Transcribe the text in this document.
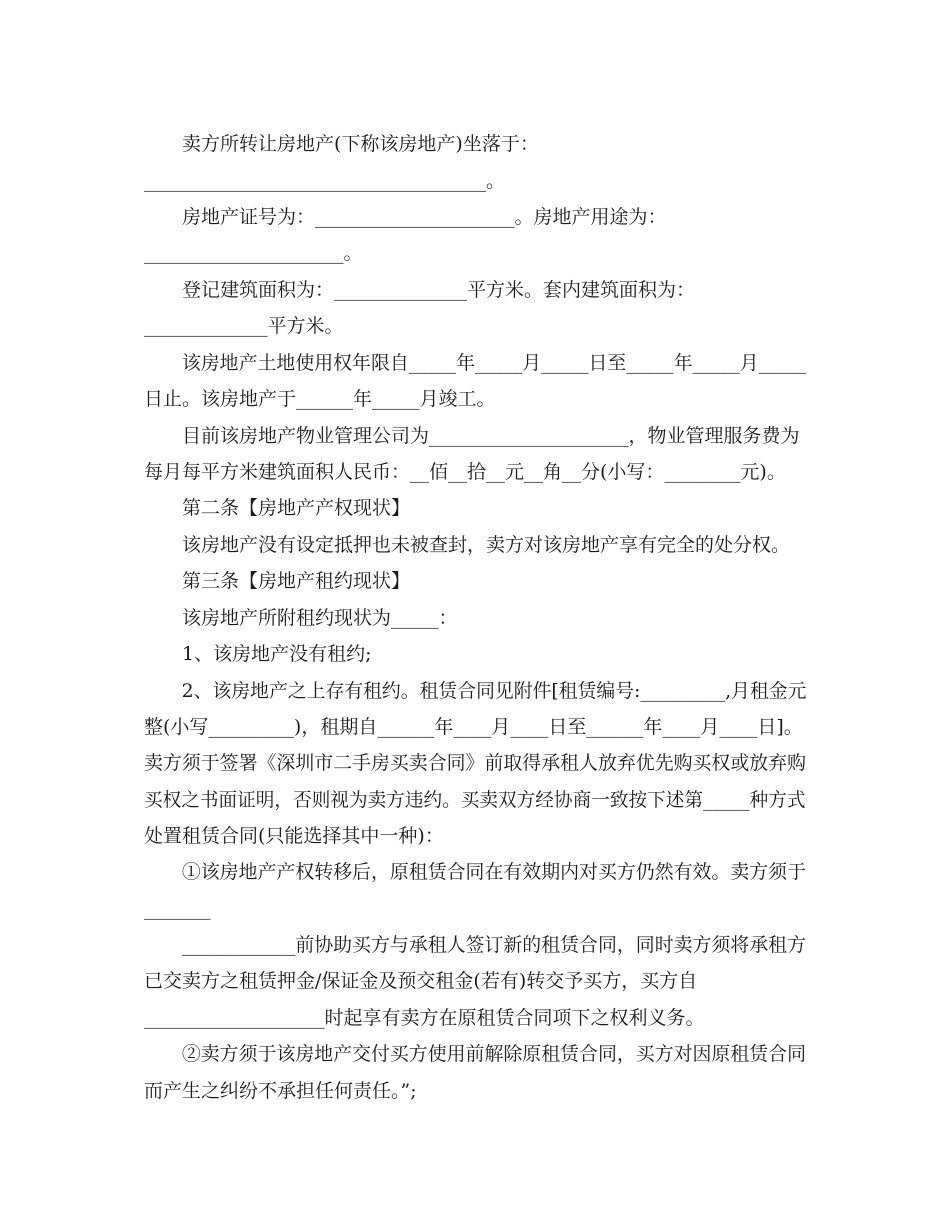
　　卖方所转让房地产(下称该房地产)坐落于：
____________________________________。
　　房地产证号为：_____________________。房地产用途为：
_____________________。
　　登记建筑面积为：______________平方米。套内建筑面积为：
_____________平方米。
　　该房地产土地使用权年限自_____年_____月_____日至_____年_____月_____
日止。该房地产于______年_____月竣工。
　　目前该房地产物业管理公司为_____________________，物业管理服务费为
每月每平方米建筑面积人民币：__佰__拾__元__角__分(小写：________元)。
　　第二条【房地产产权现状】
　　该房地产没有设定抵押也未被查封，卖方对该房地产享有完全的处分权。
　　第三条【房地产租约现状】
　　该房地产所附租约现状为_____：
　　1、该房地产没有租约;
　　2、该房地产之上存有租约。租赁合同见附件[租赁编号:_________,月租金元
整(小写_________)，租期自______年____月____日至______年____月____日]。
卖方须于签署《深圳市二手房买卖合同》前取得承租人放弃优先购买权或放弃购
买权之书面证明，否则视为卖方违约。买卖双方经协商一致按下述第_____种方式
处置租赁合同(只能选择其中一种)：
　　①该房地产产权转移后，原租赁合同在有效期内对买方仍然有效。卖方须于
_______
　　____________前协助买方与承租人签订新的租赁合同，同时卖方须将承租方
已交卖方之租赁押金/保证金及预交租金(若有)转交予买方，买方自
___________________时起享有卖方在原租赁合同项下之权利义务。
　　②卖方须于该房地产交付买方使用前解除原租赁合同，买方对因原租赁合同
而产生之纠纷不承担任何责任。”;
